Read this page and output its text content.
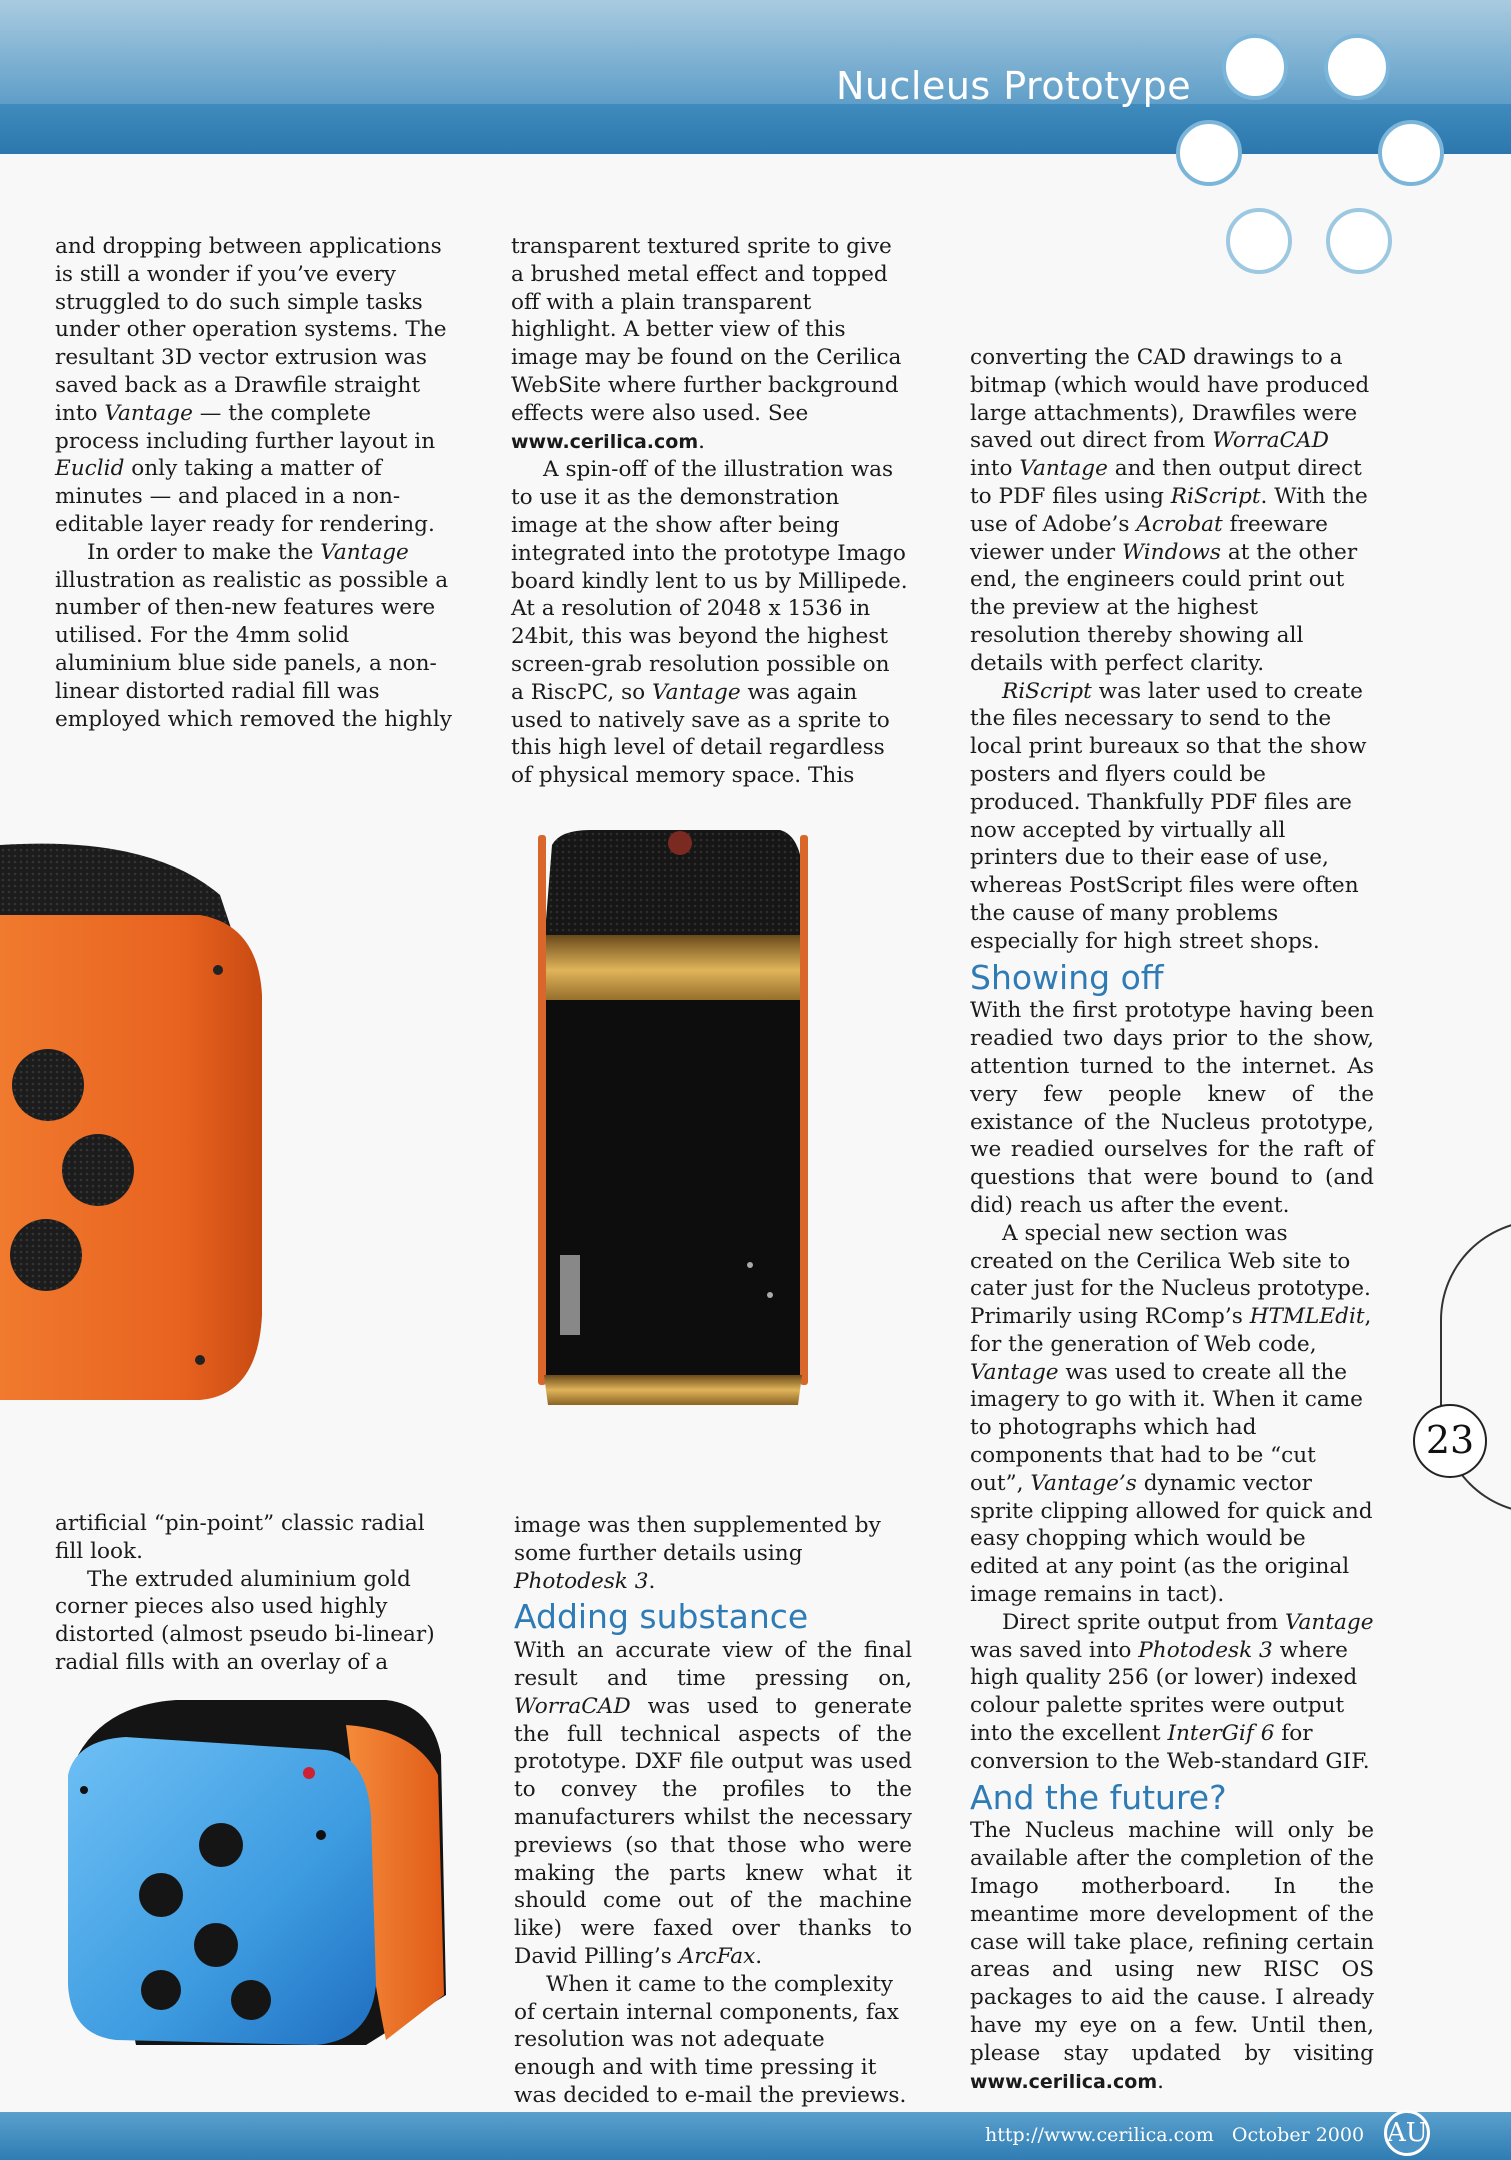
Nucleus Prototype

and dropping between applications is still a wonder if you’ve every struggled to do such simple tasks under other operation systems. The resultant 3D vector extrusion was saved back as a Drawfile straight into Vantage — the complete process including further layout in Euclid only taking a matter of minutes — and placed in a non-editable layer ready for rendering.

In order to make the Vantage illustration as realistic as possible a number of then-new features were utilised. For the 4mm solid aluminium blue side panels, a non-linear distorted radial fill was employed which removed the highly

transparent textured sprite to give a brushed metal effect and topped off with a plain transparent highlight. A better view of this image may be found on the Cerilica WebSite where further background effects were also used. See www.cerilica.com.

A spin-off of the illustration was to use it as the demonstration image at the show after being integrated into the prototype Imago board kindly lent to us by Millipede. At a resolution of 2048 x 1536 in 24bit, this was beyond the highest screen-grab resolution possible on a RiscPC, so Vantage was again used to natively save as a sprite to this high level of detail regardless of physical memory space. This

artificial “pin-point” classic radial fill look.

The extruded aluminium gold corner pieces also used highly distorted (almost pseudo bi-linear) radial fills with an overlay of a

image was then supplemented by some further details using Photodesk 3.

Adding substance

With an accurate view of the final result and time pressing on, WorraCAD was used to generate the full technical aspects of the prototype. DXF file output was used to convey the profiles to the manufacturers whilst the necessary previews (so that those who were making the parts knew what it should come out of the machine like) were faxed over thanks to David Pilling’s ArcFax.

When it came to the complexity of certain internal components, fax resolution was not adequate enough and with time pressing it was decided to e-mail the previews.

converting the CAD drawings to a bitmap (which would have produced large attachments), Drawfiles were saved out direct from WorraCAD into Vantage and then output direct to PDF files using RiScript. With the use of Adobe’s Acrobat freeware viewer under Windows at the other end, the engineers could print out the preview at the highest resolution thereby showing all details with perfect clarity.

RiScript was later used to create the files necessary to send to the local print bureaux so that the show posters and flyers could be produced. Thankfully PDF files are now accepted by virtually all printers due to their ease of use, whereas PostScript files were often the cause of many problems especially for high street shops.

Showing off

With the first prototype having been readied two days prior to the show, attention turned to the internet. As very few people knew of the existance of the Nucleus prototype, we readied ourselves for the raft of questions that were bound to (and did) reach us after the event.

A special new section was created on the Cerilica Web site to cater just for the Nucleus prototype. Primarily using RComp’s HTMLEdit, for the generation of Web code, Vantage was used to create all the imagery to go with it. When it came to photographs which had components that had to be “cut out”, Vantage’s dynamic vector sprite clipping allowed for quick and easy chopping which would be edited at any point (as the original image remains in tact).

Direct sprite output from Vantage was saved into Photodesk 3 where high quality 256 (or lower) indexed colour palette sprites were output into the excellent InterGif 6 for conversion to the Web-standard GIF.

And the future?

The Nucleus machine will only be available after the completion of the Imago motherboard. In the meantime more development of the case will take place, refining certain areas and using new RISC OS packages to aid the cause. I already have my eye on a few. Until then, please stay updated by visiting www.cerilica.com.

23
http://www.cerilica.com October 2000 AU
